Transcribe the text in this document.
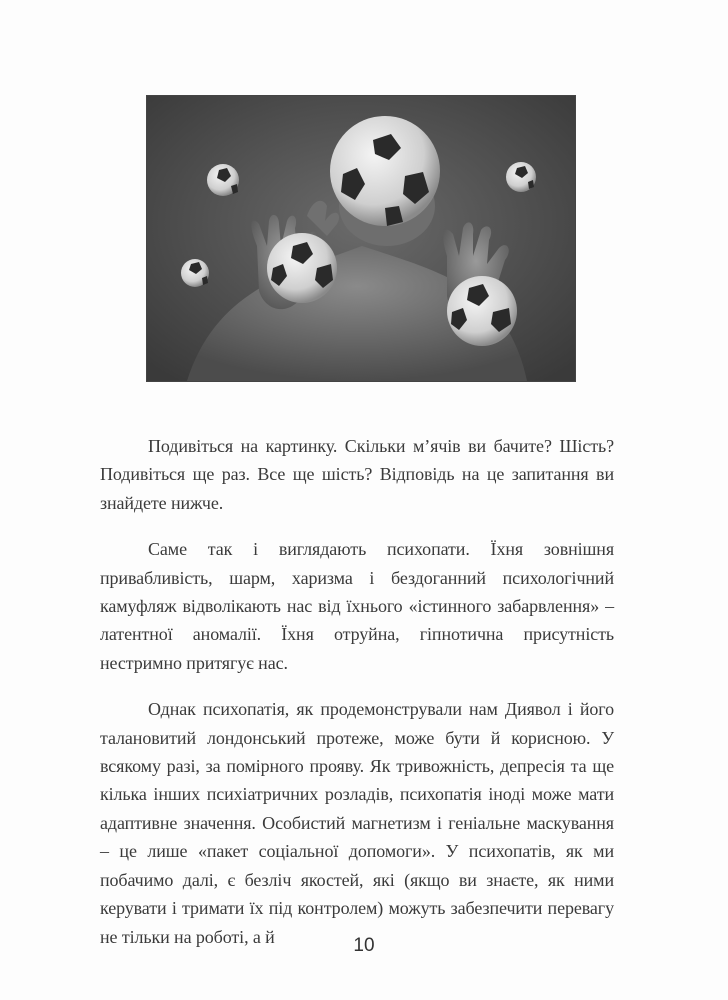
Подивіться на картинку. Скільки м’ячів ви бачите? Шість? Подивіться ще раз. Все ще шість? Відповідь на це запитання ви знайдете нижче.

Саме так і виглядають психопати. Їхня зовнішня привабливість, шарм, харизма і бездоганний психологічний камуфляж відволікають нас від їхнього «істинного забарвлення» – латентної аномалії. Їхня отруйна, гіпнотична присутність нестримно притягує нас.

Однак психопатія, як продемонстрували нам Диявол і його талановитий лондонський протеже, може бути й корисною. У всякому разі, за помірного прояву. Як тривожність, депресія та ще кілька інших психіатричних розладів, психопатія іноді може мати адаптивне значення. Особистий магнетизм і геніальне маскування – це лише «пакет соціальної допомоги». У психопатів, як ми побачимо далі, є безліч якостей, які (якщо ви знаєте, як ними керувати і тримати їх під контролем) можуть забезпечити перевагу не тільки на роботі, а й	10
